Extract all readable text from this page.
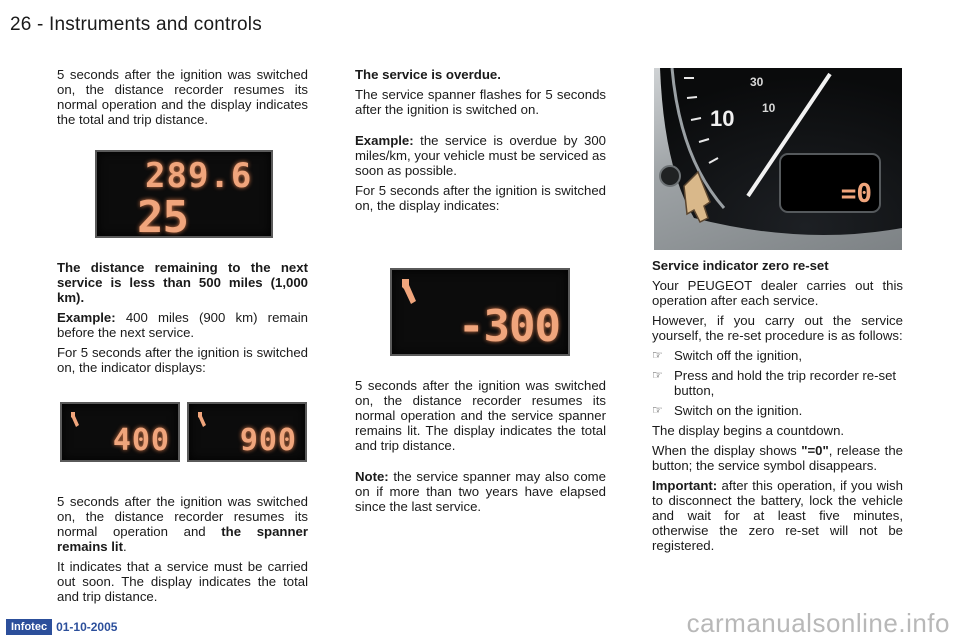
26 - Instruments and controls

5 seconds after the ignition was switched on, the distance recorder resumes its normal operation and the display indicates the total and trip distance.

289.6
25

The distance remaining to the next service is less than 500 miles (1,000 km).

Example: 400 miles (900 km) remain before the next service.

For 5 seconds after the ignition is switched on, the indicator displays:

400 900

5 seconds after the ignition was switched on, the distance recorder resumes its normal operation and the spanner remains lit.

It indicates that a service must be carried out soon. The display indicates the total and trip distance.

The service is overdue.

The service spanner flashes for 5 seconds after the ignition is switched on.

Example: the service is overdue by 300 miles/km, your vehicle must be serviced as soon as possible.

For 5 seconds after the ignition is switched on, the display indicates:

-300

5 seconds after the ignition was switched on, the distance recorder resumes its normal operation and the service spanner remains lit. The display indicates the total and trip distance.

Note: the service spanner may also come on if more than two years have elapsed since the last service.

10
30
10
=0

Service indicator zero re-set

Your PEUGEOT dealer carries out this operation after each service.

However, if you carry out the service yourself, the re-set procedure is as follows:

☞ Switch off the ignition,
☞ Press and hold the trip recorder re-set button,
☞ Switch on the ignition.

The display begins a countdown.

When the display shows "=0", release the button; the service symbol disappears.

Important: after this operation, if you wish to disconnect the battery, lock the vehicle and wait for at least five minutes, otherwise the zero re-set will not be registered.

Infotec 01-10-2005	carmanualsonline.info
